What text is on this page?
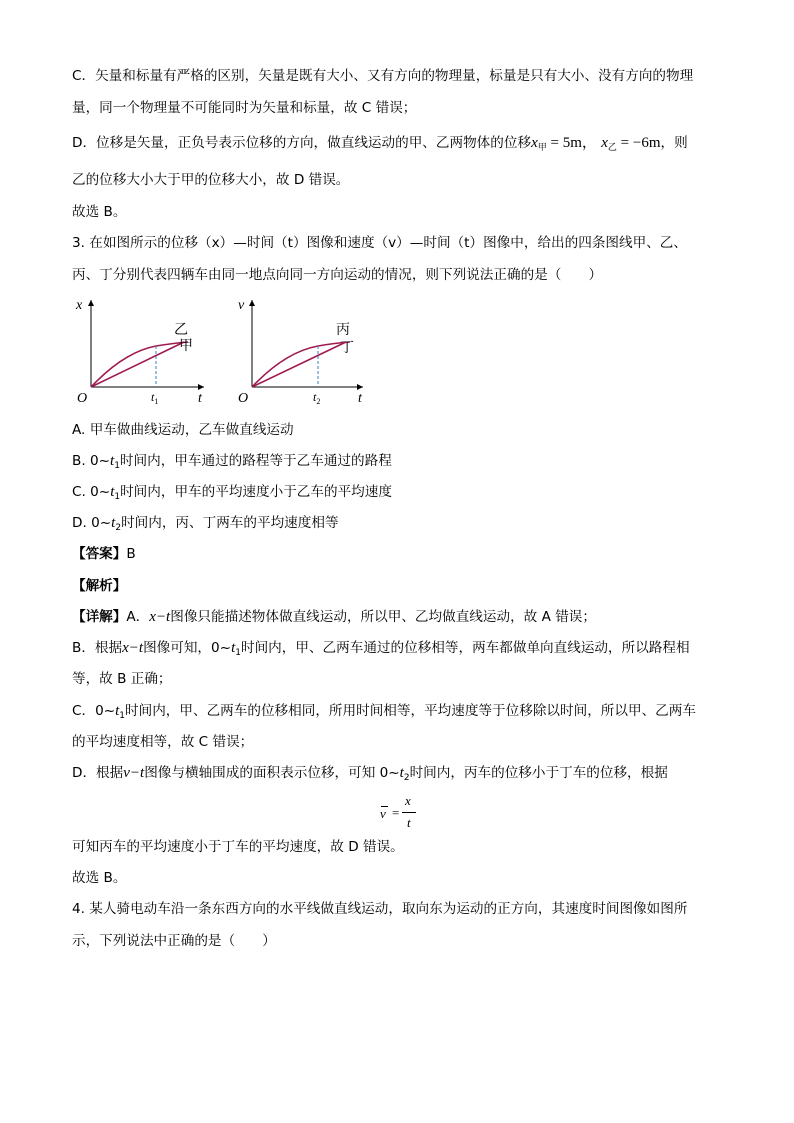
C．矢量和标量有严格的区别，矢量是既有大小、又有方向的物理量，标量是只有大小、没有方向的物理
量，同一个物理量不可能同时为矢量和标量，故 C 错误；
D．位移是矢量，正负号表示位移的方向，做直线运动的甲、乙两物体的位移$x_甲 = 5m$， $x_乙 = -6m$，则
乙的位移大小大于甲的位移大小，故 D 错误。
故选 B。
3. 在如图所示的位移（x）—时间（t）图像和速度（v）—时间（t）图像中，给出的四条图线甲、乙、
丙、丁分别代表四辆车由同一地点向同一方向运动的情况，则下列说法正确的是（　　）
x
t
O	$t_1$
乙
甲
v
t
O	$t_2$
丙
丁
A. 甲车做曲线运动，乙车做直线运动
B. $0\sim t_1$时间内，甲车通过的路程等于乙车通过的路程
C. $0\sim t_1$时间内，甲车的平均速度小于乙车的平均速度
D. $0\sim t_2$时间内，丙、丁两车的平均速度相等
【答案】B
【解析】
【详解】A．x−t图像只能描述物体做直线运动，所以甲、乙均做直线运动，故 A 错误；
B．根据x−t图像可知，$0\sim t_1$时间内，甲、乙两车通过的位移相等，两车都做单向直线运动，所以路程相
等，故 B 正确；
C．$0\sim t_1$时间内，甲、乙两车的位移相同，所用时间相等，平均速度等于位移除以时间，所以甲、乙两车
的平均速度相等，故 C 错误；
D．根据v−t图像与横轴围成的面积表示位移，可知 $0\sim t_2$时间内，丙车的位移小于丁车的位移，根据
v =
x
t
可知丙车的平均速度小于丁车的平均速度，故 D 错误。
故选 B。
4. 某人骑电动车沿一条东西方向的水平线做直线运动，取向东为运动的正方向，其速度时间图像如图所
示，下列说法中正确的是（　　）
